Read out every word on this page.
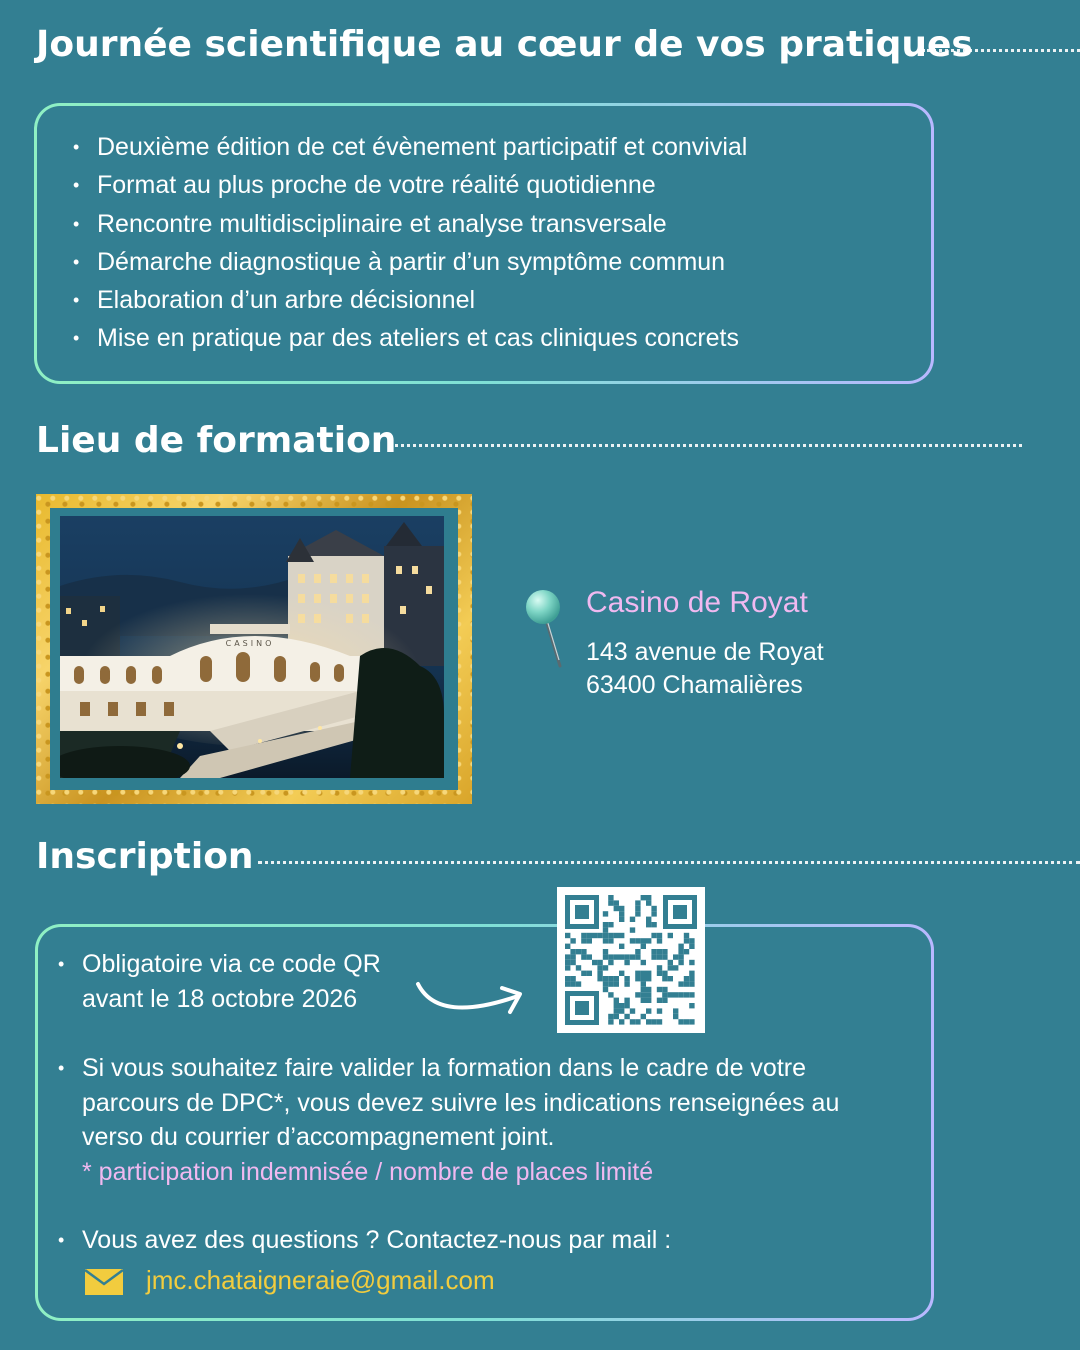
Journée scientifique au cœur de vos pratiques
• Deuxième édition de cet évènement participatif et convivial
• Format au plus proche de votre réalité quotidienne
• Rencontre multidisciplinaire et analyse transversale
• Démarche diagnostique à partir d’un symptôme commun
• Elaboration d’un arbre décisionnel
• Mise en pratique par des ateliers et cas cliniques concrets
Lieu de formation
CASINO
Casino de Royat
143 avenue de Royat
63400 Chamalières
Inscription
• Obligatoire via ce code QR
avant le 18 octobre 2026
• Si vous souhaitez faire valider la formation dans le cadre de votre
parcours de DPC*, vous devez suivre les indications renseignées au
verso du courrier d’accompagnement joint.
* participation indemnisée / nombre de places limité
• Vous avez des questions ? Contactez-nous par mail :
jmc.chataigneraie@gmail.com
